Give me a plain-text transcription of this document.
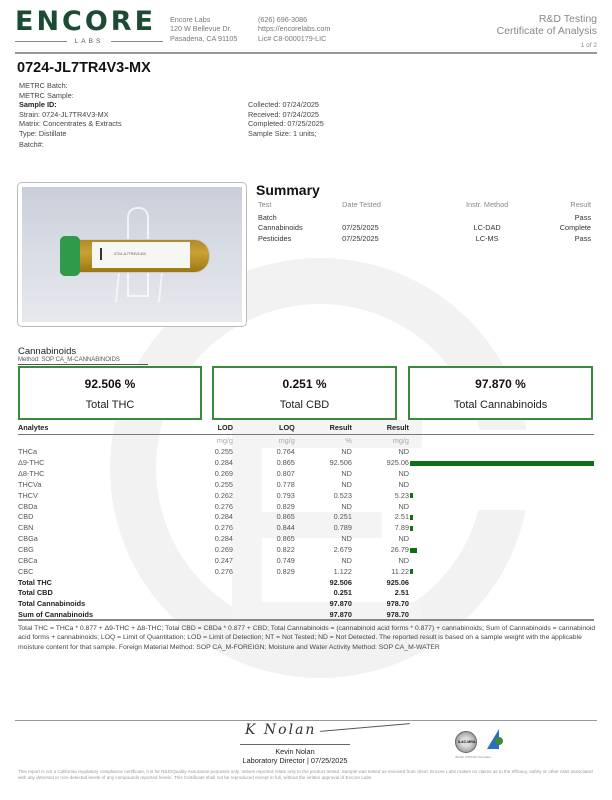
ENCORE
LABS
Encore Labs
120 W Bellevue Dr.
Pasadena, CA 91105
(626) 696-3086
https://encorelabs.com
Lic# C8-0000179-LIC
R&D Testing
Certificate of Analysis
1 of 2
0724-JL7TR4V3-MX
METRC Batch:
METRC Sample:
Sample ID:
Strain: 0724-JL7TR4V3-MX
Matrix: Concentrates & Extracts
Type: Distillate
Batch#:
Collected: 07/24/2025
Received: 07/24/2025
Completed: 07/25/2025
Sample Size: 1 units;
0724-JL7TR4V3-MX
Summary
Test	Date Tested	Instr. Method	Result
Batch			Pass
Cannabinoids	07/25/2025	LC-DAD	Complete
Pesticides	07/25/2025	LC-MS	Pass
Cannabinoids
Method: SOP CA_M-CANNABINOIDS
92.506 %
Total THC
0.251 %
Total CBD
97.870 %
Total Cannabinoids
Analytes	LOD	LOQ	Result	Result	
	mg/g	mg/g	%	mg/g	
THCa	0.255	0.764	ND	ND	
Δ9-THC	0.284	0.865	92.506	925.06	
Δ8-THC	0.269	0.807	ND	ND	
THCVa	0.255	0.778	ND	ND	
THCV	0.262	0.793	0.523	5.23	
CBDa	0.276	0.829	ND	ND	
CBD	0.284	0.865	0.251	2.51	
CBN	0.276	0.844	0.789	7.89	
CBGa	0.284	0.865	ND	ND	
CBG	0.269	0.822	2.679	26.79	
CBCa	0.247	0.749	ND	ND	
CBC	0.276	0.829	1.122	11.22	
Total THC			92.506	925.06	
Total CBD			0.251	2.51	
Total Cannabinoids			97.870	978.70	
Sum of Cannabinoids			97.870	978.70	
Total THC = THCa * 0.877 + Δ9-THC + Δ8-THC; Total CBD = CBDa * 0.877 + CBD; Total Cannabinoids = (cannabinoid acid forms * 0.877) + cannabinoids; Sum of Cannabinoids = cannabinoid acid forms + cannabinoids; LOQ = Limit of Quantitation; LOD = Limit of Detection; NT = Not Tested; ND = Not Detected. The reported result is based on a sample weight with the applicable moisture content for that sample. Foreign Material Method: SOP CA_M-FOREIGN; Moisture and Water Activity Method: SOP CA_M-WATER
K Nolan
Kevin Nolan
Laboratory Director | 07/25/2025
ILAC-MRA
ISO/IEC 17025:2017 Accredited
This report is not a California regulatory compliance certificate, it is for R&D/Quality Assurance purposes only. Values reported relate only to the product tested. Sample was tested as received from client. Encore Labs makes no claims as to the efficacy, safety or other risks associated with any detected or non-detected levels of any compounds reported herein. This Certificate shall not be reproduced except in full, without the written approval of Encore Labs.
